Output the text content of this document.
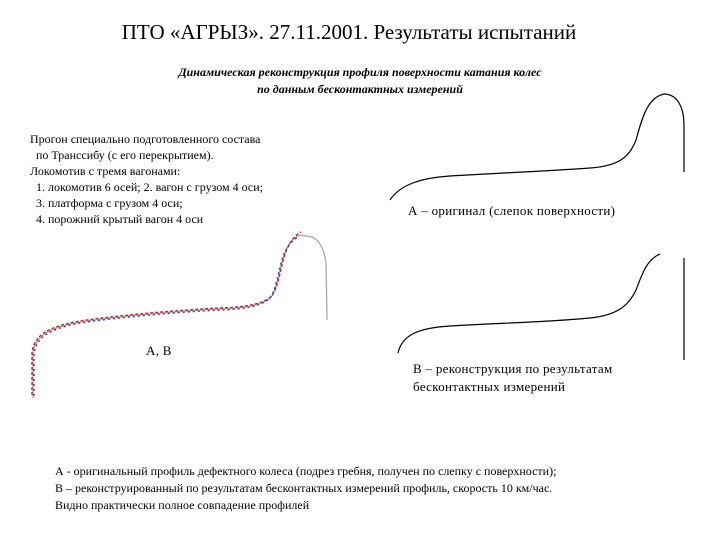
ПТО «АГРЫЗ». 27.11.2001. Результаты испытаний
Динамическая реконструкция профиля поверхности катания колес
по данным бесконтактных измерений
Прогон специально подготовленного состава
по Транссибу (с его перекрытием).
Локомотив с тремя вагонами:
1. локомотив 6 осей; 2. вагон с грузом 4 оси;
3. платформа с грузом 4 оси;
4. порожний крытый вагон 4 оси
А, В
А – оригинал (слепок поверхности)
В – реконструкция по результатам
бесконтактных измерений
А - оригинальный профиль дефектного колеса (подрез гребня, получен по слепку с поверхности);
В – реконструированный по результатам бесконтактных измерений профиль, скорость 10 км/час.
Видно практически полное совпадение профилей
